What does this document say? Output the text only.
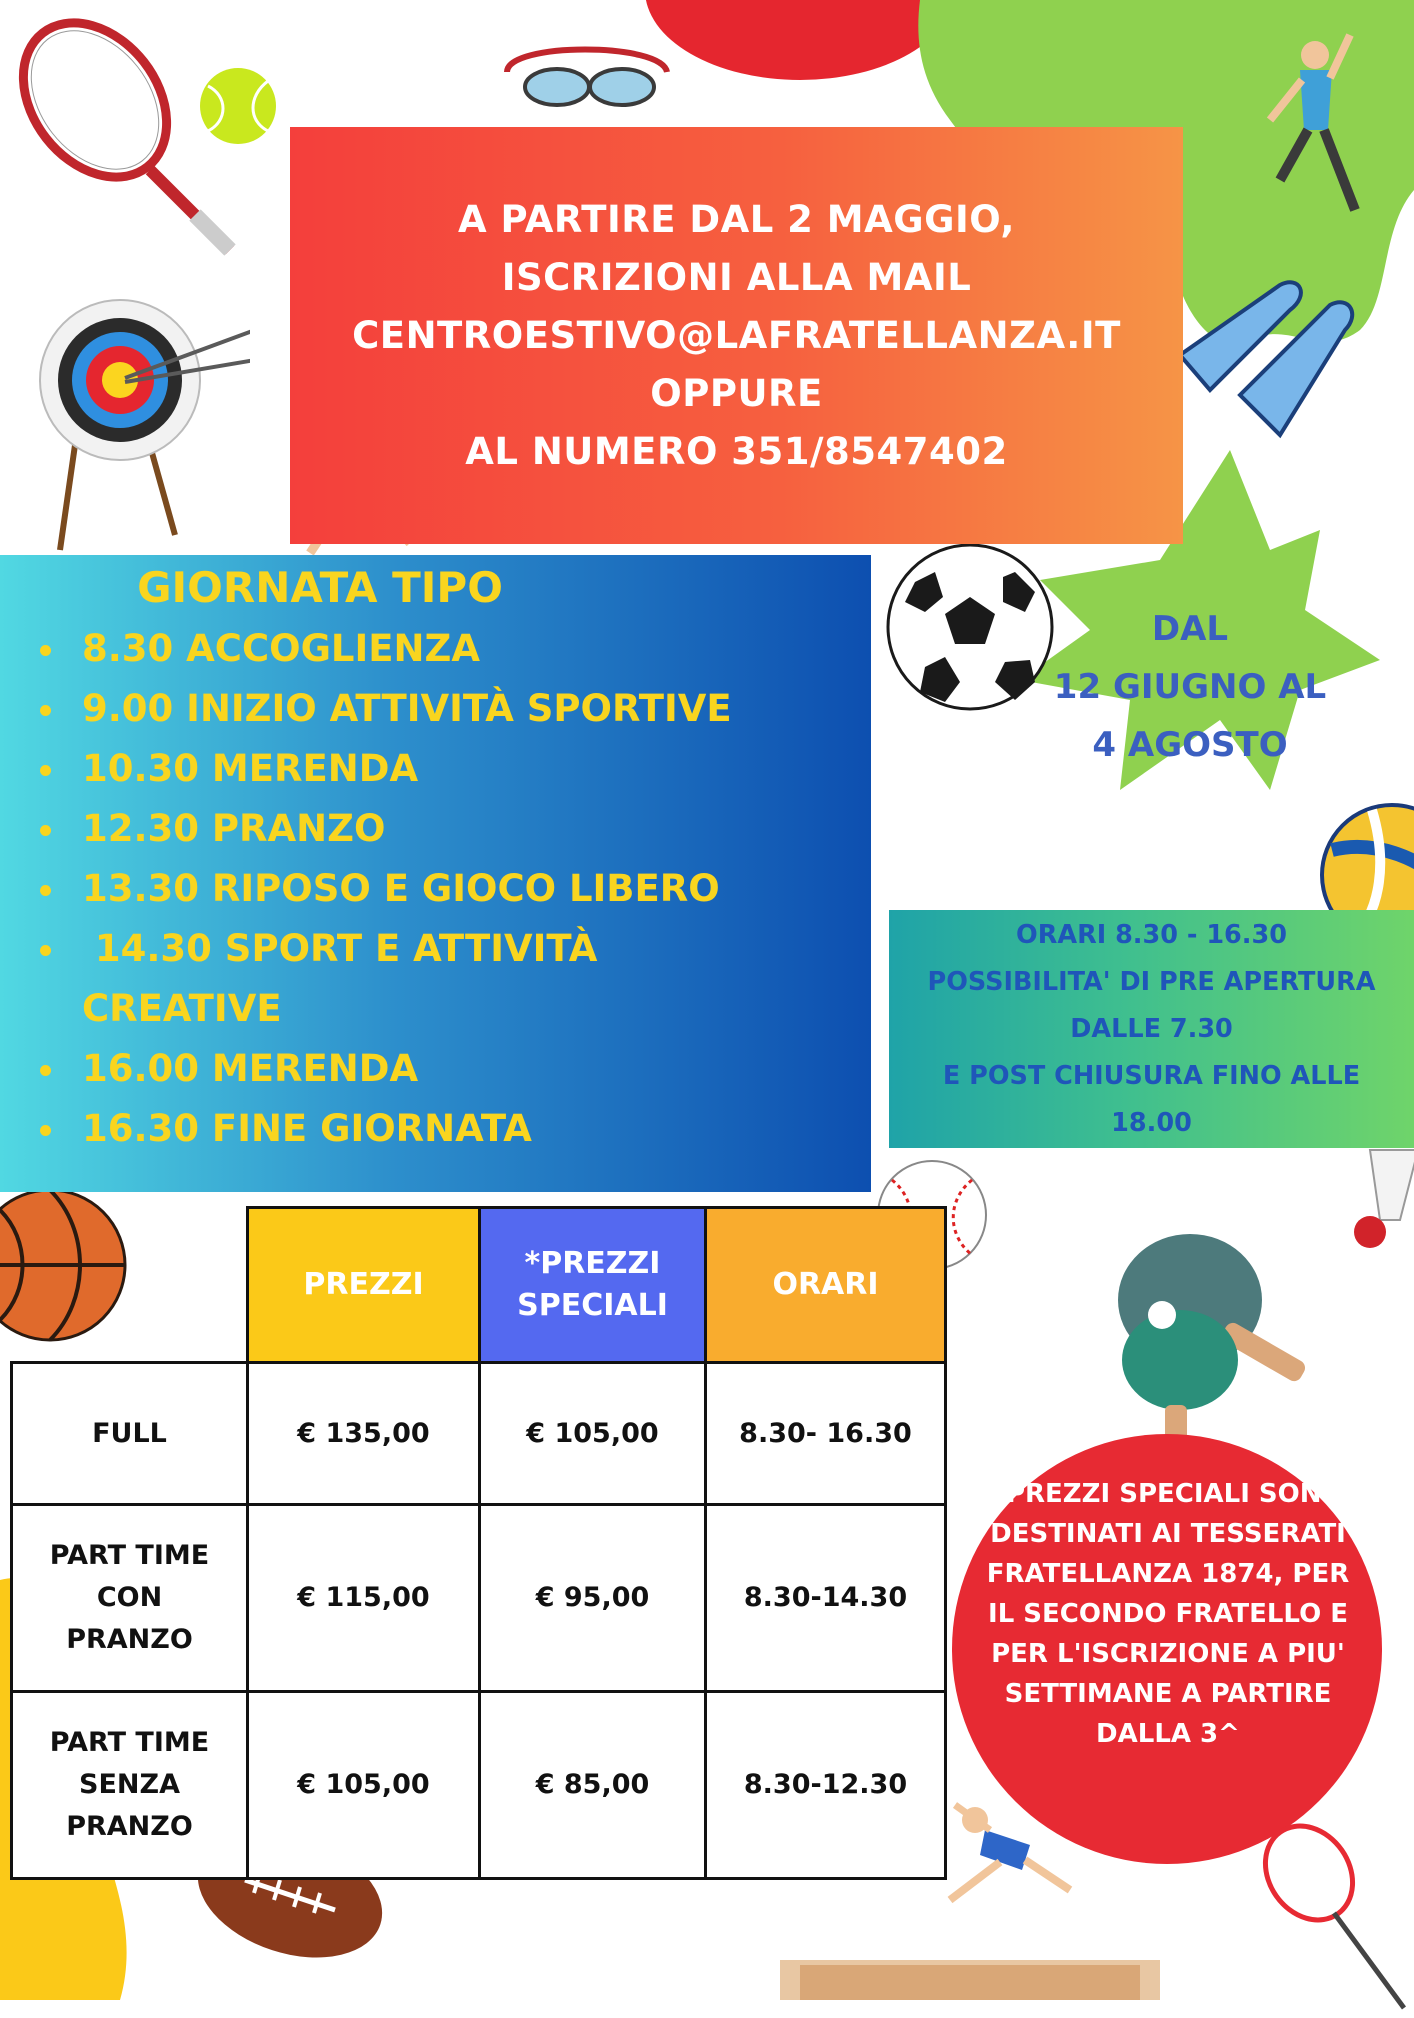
A PARTIRE DAL 2 MAGGIO,
ISCRIZIONI ALLA MAIL
CENTROESTIVO@LAFRATELLANZA.IT
OPPURE
AL NUMERO 351/8547402
GIORNATA TIPO
8.30 ACCOGLIENZA
9.00 INIZIO ATTIVITÀ SPORTIVE
10.30 MERENDA
12.30 PRANZO
13.30 RIPOSO E GIOCO LIBERO
14.30 SPORT E ATTIVITÀ
CREATIVE
16.00 MERENDA
16.30 FINE GIORNATA
DAL
12 GIUGNO AL
4 AGOSTO
ORARI 8.30 - 16.30
POSSIBILITA' DI PRE APERTURA
DALLE 7.30
E POST CHIUSURA FINO ALLE
18.00
	PREZZI	*PREZZI SPECIALI	ORARI
FULL	€ 135,00	€ 105,00	8.30- 16.30

PART TIME CON PRANZO	€ 115,00	€ 95,00	8.30-14.30

PART TIME SENZA PRANZO	€ 105,00	€ 85,00	8.30-12.30
*PREZZI SPECIALI SONO DESTINATI AI TESSERATI FRATELLANZA 1874, PER IL SECONDO FRATELLO E PER L'ISCRIZIONE A PIU' SETTIMANE A PARTIRE DALLA 3^
